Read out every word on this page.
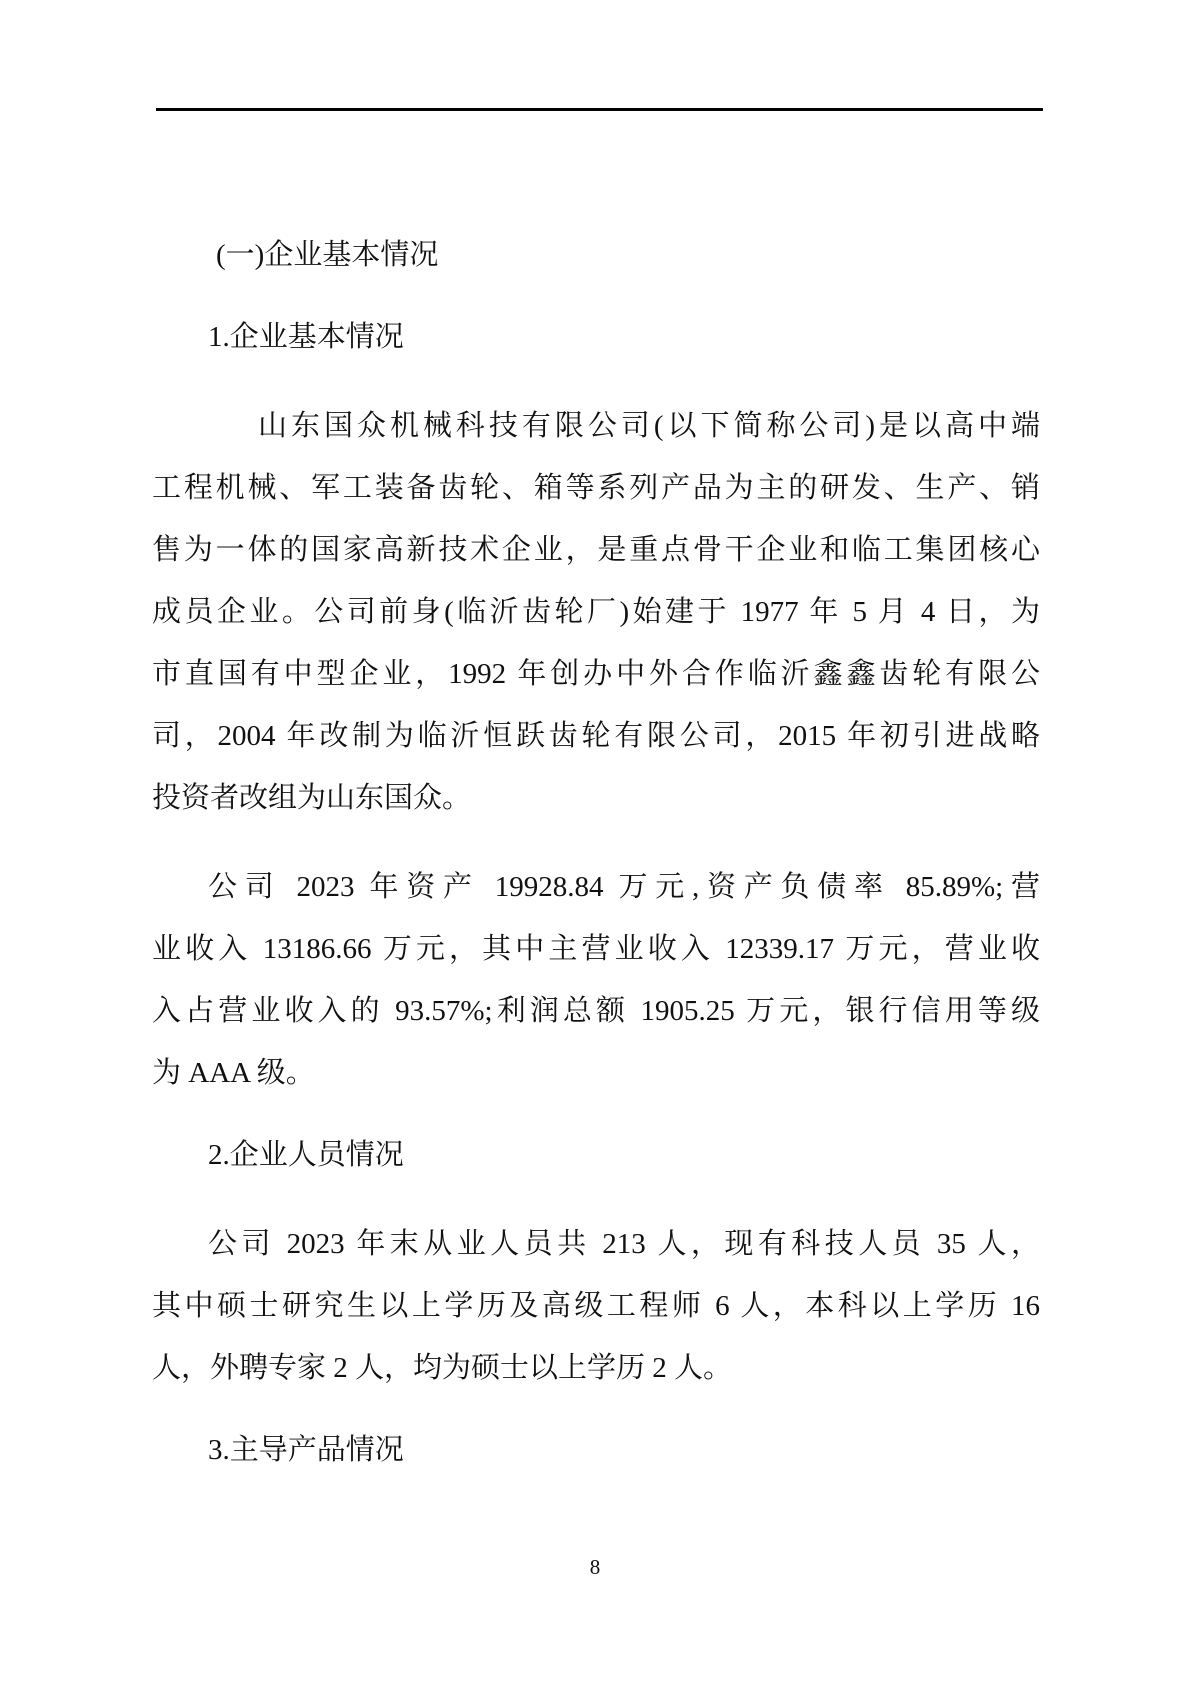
(一)企业基本情况
1.企业基本情况
山东国众机械科技有限公司(以下简称公司)是以高中端
工程机械、军工装备齿轮、箱等系列产品为主的研发、生产、销
售为一体的国家高新技术企业，是重点骨干企业和临工集团核心
成员企业。公司前身(临沂齿轮厂)始建于 1977 年 5 月 4 日，为
市直国有中型企业，1992 年创办中外合作临沂鑫鑫齿轮有限公
司，2004 年改制为临沂恒跃齿轮有限公司，2015 年初引进战略
投资者改组为山东国众。
公司 2023 年资产 19928.84 万元,资产负债率 85.89%;营
业收入 13186.66 万元，其中主营业收入 12339.17 万元，营业收
入占营业收入的 93.57%;利润总额 1905.25 万元，银行信用等级
为 AAA 级。
2.企业人员情况
公司 2023 年末从业人员共 213 人，现有科技人员 35 人，
其中硕士研究生以上学历及高级工程师 6 人，本科以上学历 16
人，外聘专家 2 人，均为硕士以上学历 2 人。
3.主导产品情况
8
